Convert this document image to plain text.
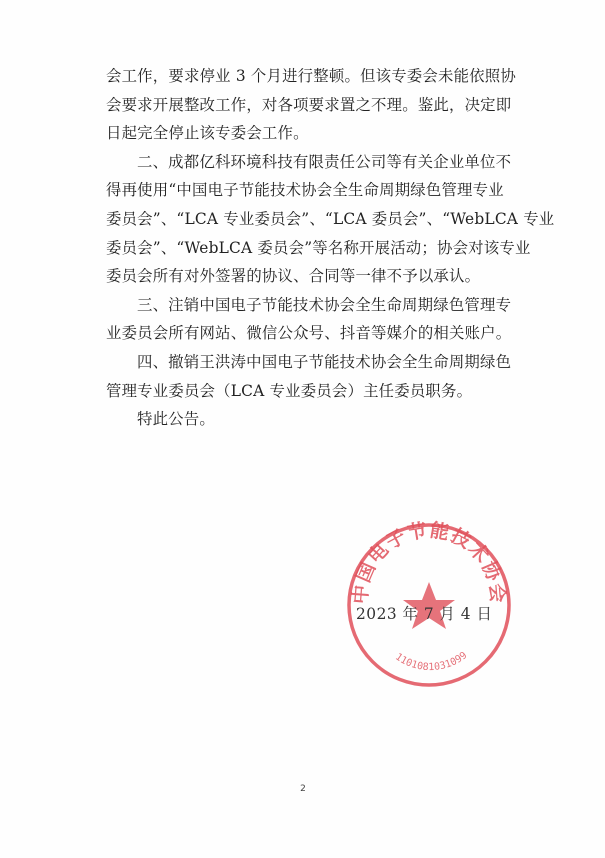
会工作，要求停业 3 个月进行整顿。但该专委会未能依照协
会要求开展整改工作，对各项要求置之不理。鉴此，决定即
日起完全停止该专委会工作。
二、成都亿科环境科技有限责任公司等有关企业单位不
得再使用“中国电子节能技术协会全生命周期绿色管理专业
委员会”、“LCA 专业委员会”、“LCA 委员会”、“WebLCA 专业
委员会”、“WebLCA 委员会”等名称开展活动；协会对该专业
委员会所有对外签署的协议、合同等一律不予以承认。
三、注销中国电子节能技术协会全生命周期绿色管理专
业委员会所有网站、微信公众号、抖音等媒介的相关账户。
四、撤销王洪涛中国电子节能技术协会全生命周期绿色
管理专业委员会（LCA 专业委员会）主任委员职务。
特此公告。
中国电子节能技术协会
1101081031099
2023 年 7 月 4 日
2
